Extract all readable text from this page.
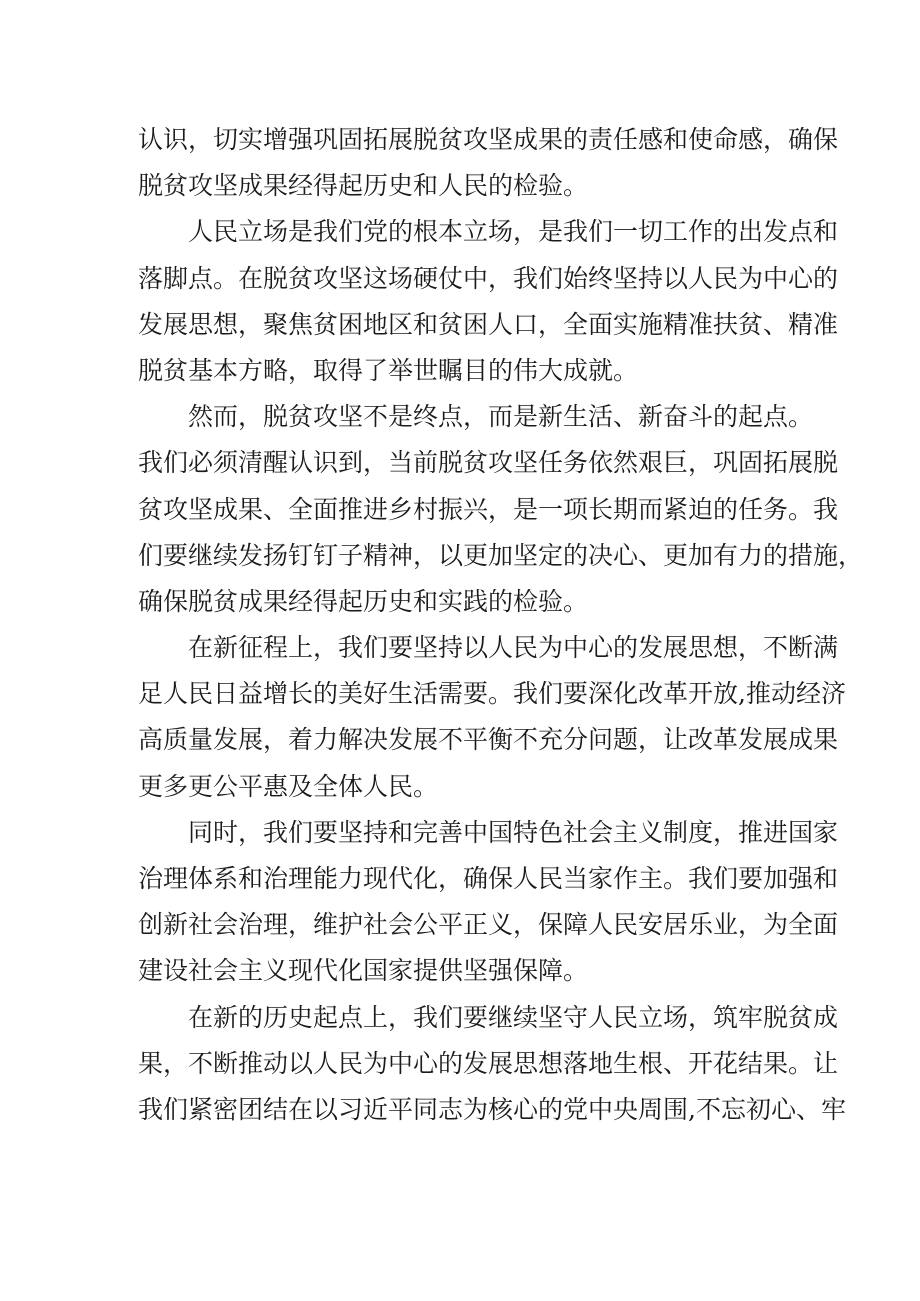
认识，切实增强巩固拓展脱贫攻坚成果的责任感和使命感，确保
脱贫攻坚成果经得起历史和人民的检验。
人民立场是我们党的根本立场，是我们一切工作的出发点和
落脚点。在脱贫攻坚这场硬仗中，我们始终坚持以人民为中心的
发展思想，聚焦贫困地区和贫困人口，全面实施精准扶贫、精准
脱贫基本方略，取得了举世瞩目的伟大成就。
然而，脱贫攻坚不是终点，而是新生活、新奋斗的起点。
我们必须清醒认识到，当前脱贫攻坚任务依然艰巨，巩固拓展脱
贫攻坚成果、全面推进乡村振兴，是一项长期而紧迫的任务。我
们要继续发扬钉钉子精神，以更加坚定的决心、更加有力的措施，
确保脱贫成果经得起历史和实践的检验。
在新征程上，我们要坚持以人民为中心的发展思想，不断满
足人民日益增长的美好生活需要。我们要深化改革开放,推动经济
高质量发展，着力解决发展不平衡不充分问题，让改革发展成果
更多更公平惠及全体人民。
同时，我们要坚持和完善中国特色社会主义制度，推进国家
治理体系和治理能力现代化，确保人民当家作主。我们要加强和
创新社会治理，维护社会公平正义，保障人民安居乐业，为全面
建设社会主义现代化国家提供坚强保障。
在新的历史起点上，我们要继续坚守人民立场，筑牢脱贫成
果，不断推动以人民为中心的发展思想落地生根、开花结果。让
我们紧密团结在以习近平同志为核心的党中央周围,不忘初心、牢
